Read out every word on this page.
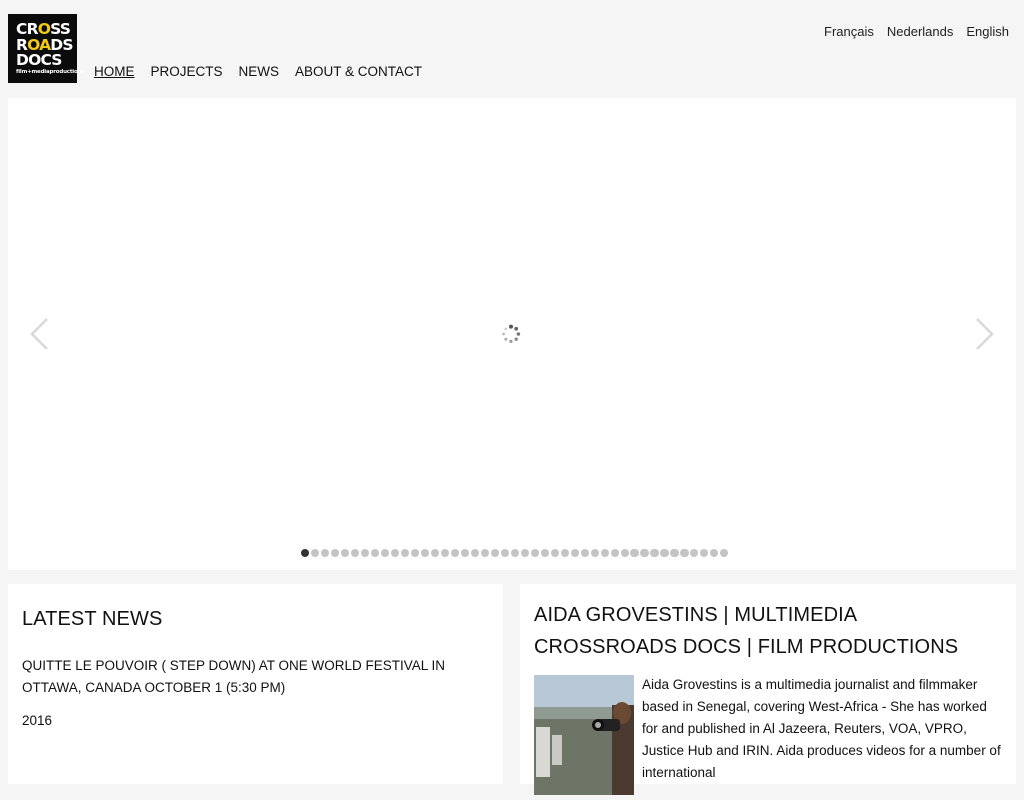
CROSS
ROADS
DOCS
film+mediaproductions
Français Nederlands English
HOME PROJECTS NEWS ABOUT & CONTACT
LATEST NEWS
QUITTE LE POUVOIR ( STEP DOWN) AT ONE WORLD FESTIVAL IN OTTAWA, CANADA OCTOBER 1 (5:30 PM)
2016
AIDA GROVESTINS | MULTIMEDIA
CROSSROADS DOCS | FILM PRODUCTIONS

Aida Grovestins is a multimedia journalist and filmmaker based in Senegal, covering West-Africa - She has worked for and published in Al Jazeera, Reuters, VOA, VPRO, Justice Hub and IRIN. Aida produces videos for a number of international
